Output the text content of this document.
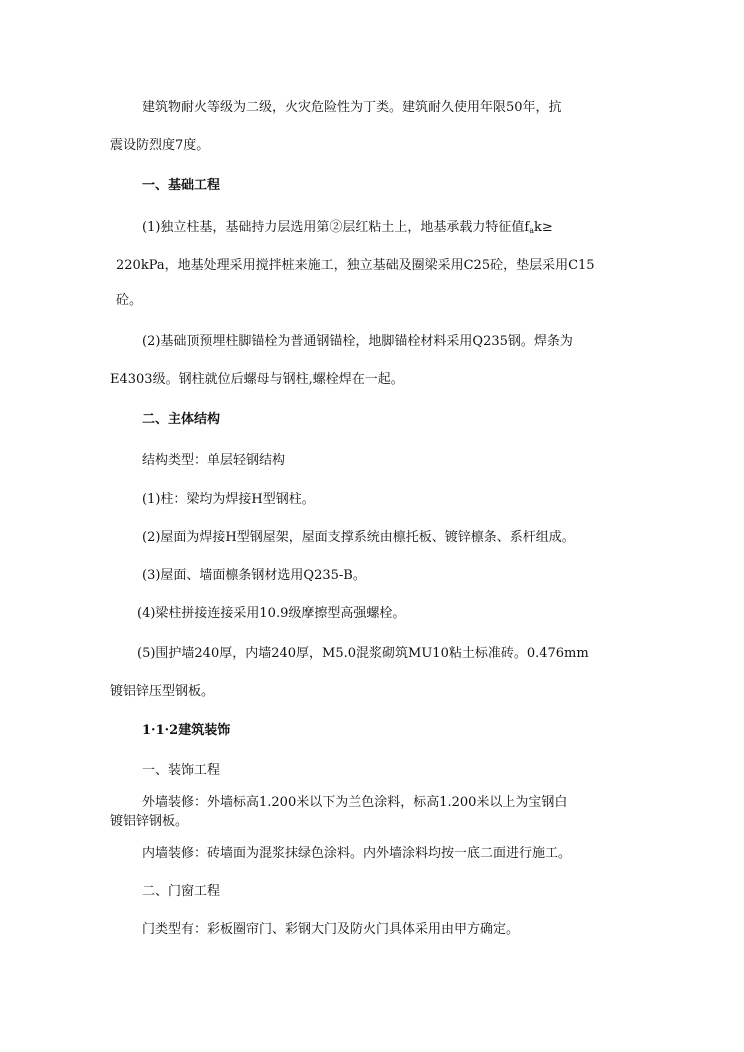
建筑物耐火等级为二级，火灾危险性为丁类。建筑耐久使用年限50年，抗
震设防烈度7度。
一、基础工程
(1)独立柱基，基础持力层选用第②层红粘土上，地基承载力特征值$f_ak\ge$
220kPa，地基处理采用搅拌桩来施工，独立基础及圈梁采用C25砼，垫层采用C15
砼。
(2)基础顶预埋柱脚锚栓为普通钢锚栓，地脚锚栓材料采用Q235钢。焊条为
E4303级。钢柱就位后螺母与钢柱,螺栓焊在一起。
二、主体结构
结构类型：单层轻钢结构
(1)柱：梁均为焊接H型钢柱。
(2)屋面为焊接H型钢屋架，屋面支撑系统由檩托板、镀锌檩条、系杆组成。
(3)屋面、墙面檩条钢材选用Q235-B。
(4)梁柱拼接连接采用10.9级摩擦型高强螺栓。
(5)围护墙240厚，内墙240厚，M5.0混浆砌筑MU10粘土标准砖。0.476mm
镀铝锌压型钢板。
1·1·2建筑装饰
一、装饰工程
外墙装修：外墙标高1.200米以下为兰色涂料，标高1.200米以上为宝钢白
镀铝锌钢板。
内墙装修：砖墙面为混浆抹绿色涂料。内外墙涂料均按一底二面进行施工。
二、门窗工程
门类型有：彩板圈帘门、彩钢大门及防火门具体采用由甲方确定。
